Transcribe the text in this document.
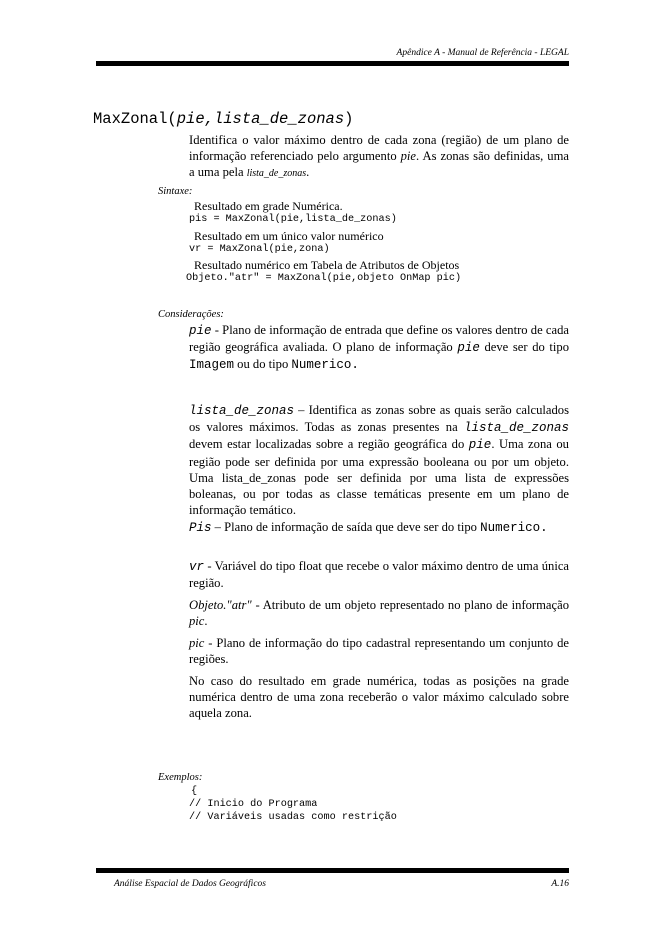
Apêndice A - Manual de Referência - LEGAL
MaxZonal(pie,lista_de_zonas)
Identifica o valor máximo dentro de cada zona (região) de um plano de informação referenciado pelo argumento pie. As zonas são definidas, uma a uma pela lista_de_zonas.
Sintaxe:
Resultado em grade Numérica.
pis = MaxZonal(pie,lista_de_zonas)
Resultado em um único valor numérico
vr = MaxZonal(pie,zona)
Resultado numérico em Tabela de Atributos de Objetos
Objeto."atr" = MaxZonal(pie,objeto OnMap pic)
Considerações:
pie - Plano de informação de entrada que define os valores dentro de cada região geográfica avaliada. O plano de informação pie deve ser do tipo Imagem ou do tipo Numerico.
lista_de_zonas – Identifica as zonas sobre as quais serão calculados os valores máximos. Todas as zonas presentes na lista_de_zonas devem estar localizadas sobre a região geográfica do pie. Uma zona ou região pode ser definida por uma expressão booleana ou por um objeto. Uma lista_de_zonas pode ser definida por uma lista de expressões boleanas, ou por todas as classe temáticas presente em um plano de informação temático.
Pis – Plano de informação de saída que deve ser do tipo Numerico.
vr - Variável do tipo float que recebe o valor máximo dentro de uma única região.
Objeto."atr" - Atributo de um objeto representado no plano de informação pic.
pic - Plano de informação do tipo cadastral representando um conjunto de regiões.
No caso do resultado em grade numérica, todas as posições na grade numérica dentro de uma zona receberão o valor máximo calculado sobre aquela zona.
Exemplos:
{
// Inicio do Programa
// Variáveis usadas como restrição
Análise Espacial de Dados Geográficos	A.16
